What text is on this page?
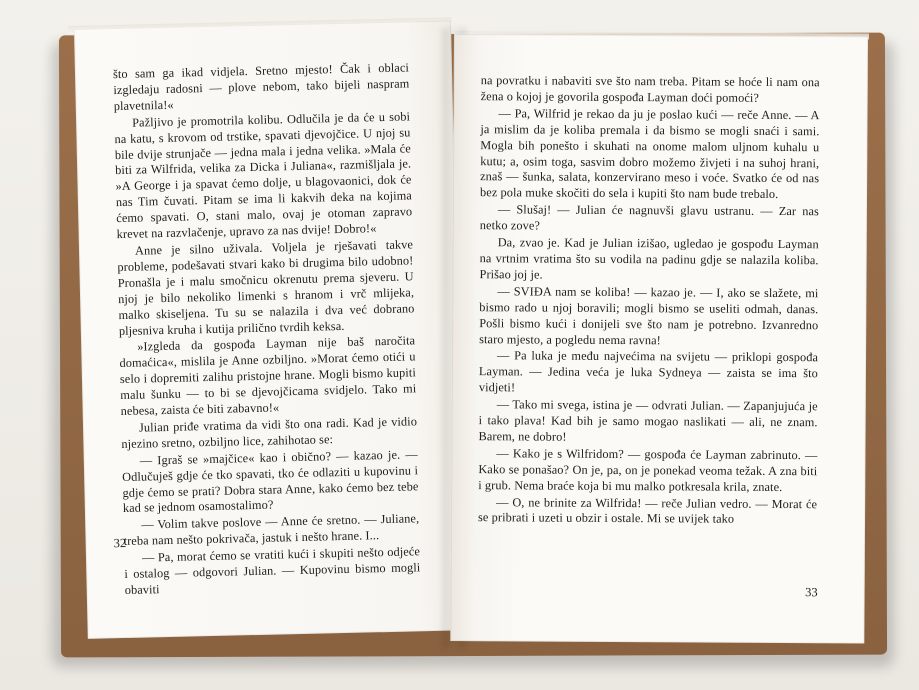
što sam ga ikad vidjela. Sretno mjesto! Čak i oblaci izgledaju radosni — plove nebom, tako bijeli naspram plavetnila!«

Pažljivo je promotrila kolibu. Odlučila je da će u sobi na katu, s krovom od trstike, spavati djevojčice. U njoj su bile dvije strunjače — jedna mala i jedna velika. »Mala će biti za Wilfrida, velika za Dicka i Juliana«, razmišljala je. »A George i ja spavat ćemo dolje, u blagovaonici, dok će nas Tim čuvati. Pitam se ima li kakvih deka na kojima ćemo spavati. O, stani malo, ovaj je otoman zapravo krevet na razvlačenje, upravo za nas dvije! Dobro!«

Anne je silno uživala. Voljela je rješavati takve probleme, podešavati stvari kako bi drugima bilo udobno! Pronašla je i malu smočnicu okrenutu prema sjeveru. U njoj je bilo nekoliko limenki s hranom i vrč mlijeka, malko skiseljena. Tu su se nalazila i dva već dobrano pljesniva kruha i kutija prilično tvrdih keksa.

»Izgleda da gospođa Layman nije baš naročita domaćica«, mislila je Anne ozbiljno. »Morat ćemo otići u selo i dopremiti zalihu pristojne hrane. Mogli bismo kupiti malu šunku — to bi se djevojčicama svidjelo. Tako mi nebesa, zaista će biti zabavno!«

Julian priđe vratima da vidi što ona radi. Kad je vidio njezino sretno, ozbiljno lice, zahihotao se:

— Igraš se »majčice« kao i obično? — kazao je. — Odlučuješ gdje će tko spavati, tko će odlaziti u kupovinu i gdje ćemo se prati? Dobra stara Anne, kako ćemo bez tebe kad se jednom osamostalimo?

— Volim takve poslove — Anne će sretno. — Juliane, treba nam nešto pokrivača, jastuk i nešto hrane. I...

— Pa, morat ćemo se vratiti kući i skupiti nešto odjeće i ostalog — odgovori Julian. — Kupovinu bismo mogli obaviti

32

na povratku i nabaviti sve što nam treba. Pitam se hoće li nam ona žena o kojoj je govorila gospođa Layman doći pomoći?

— Pa, Wilfrid je rekao da ju je poslao kući — reče Anne. — A ja mislim da je koliba premala i da bismo se mogli snaći i sami. Mogla bih ponešto i skuhati na onome malom uljnom kuhalu u kutu; a, osim toga, sasvim dobro možemo živjeti i na suhoj hrani, znaš — šunka, salata, konzervirano meso i voće. Svatko će od nas bez pola muke skočiti do sela i kupiti što nam bude trebalo.

— Slušaj! — Julian će nagnuvši glavu ustranu. — Zar nas netko zove?

Da, zvao je. Kad je Julian izišao, ugledao je gospođu Layman na vrtnim vratima što su vodila na padinu gdje se nalazila koliba. Prišao joj je.

— SVIĐA nam se koliba! — kazao je. — I, ako se slažete, mi bismo rado u njoj boravili; mogli bismo se useliti odmah, danas. Pošli bismo kući i donijeli sve što nam je potrebno. Izvanredno staro mjesto, a pogledu nema ravna!

— Pa luka je među najvećima na svijetu — priklopi gospođa Layman. — Jedina veća je luka Sydneya — zaista se ima što vidjeti!

— Tako mi svega, istina je — odvrati Julian. — Zapanjujuća je i tako plava! Kad bih je samo mogao naslikati — ali, ne znam. Barem, ne dobro!

— Kako je s Wilfridom? — gospođa će Layman zabrinuto. — Kako se ponašao? On je, pa, on je ponekad veoma težak. A zna biti i grub. Nema braće koja bi mu malko potkresala krila, znate.

— O, ne brinite za Wilfrida! — reče Julian vedro. — Morat će se pribrati i uzeti u obzir i ostale. Mi se uvijek tako

33
